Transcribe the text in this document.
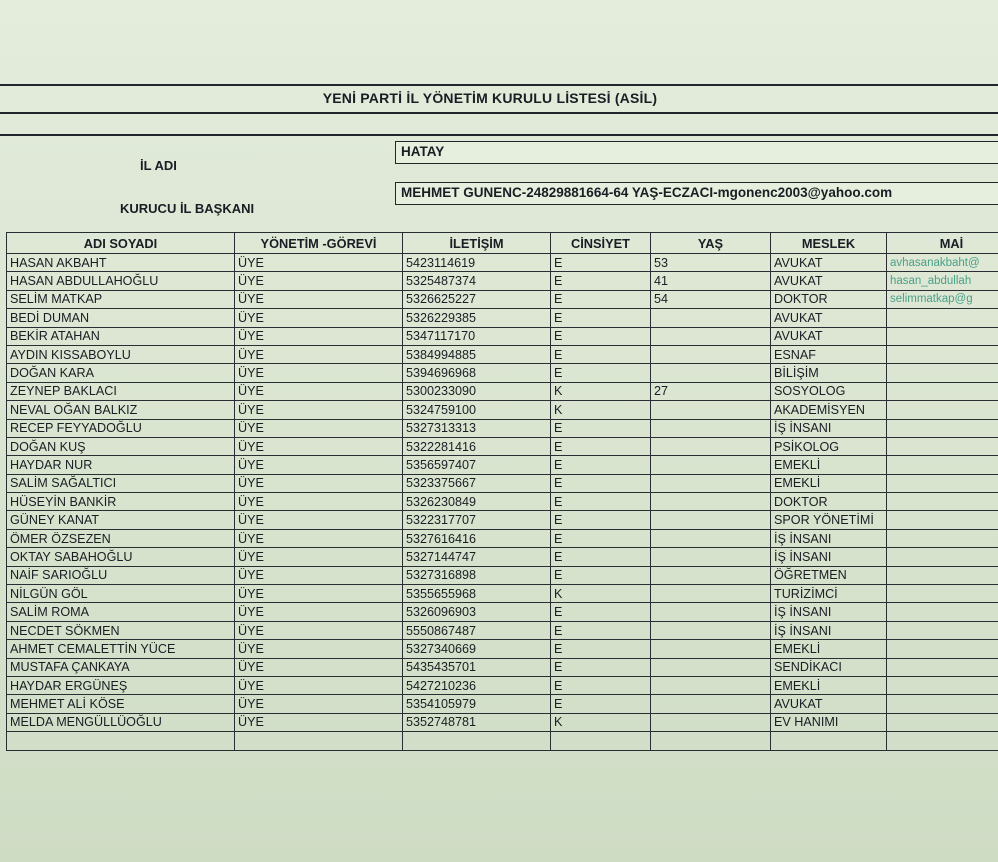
YENİ PARTİ İL YÖNETİM KURULU LİSTESİ (ASİL)
İL ADI
HATAY
KURUCU İL BAŞKANI
MEHMET GUNENC-24829881664-64 YAŞ-ECZACI-mgonenc2003@yahoo.com
ADI SOYADI	YÖNETİM -GÖREVİ	İLETİŞİM	CİNSİYET	YAŞ	MESLEK	MAİ
HASAN AKBAHT	ÜYE	5423114619	E	53	AVUKAT	avhasanakbaht@
HASAN ABDULLAHOĞLU	ÜYE	5325487374	E	41	AVUKAT	hasan_abdullah
SELİM MATKAP	ÜYE	5326625227	E	54	DOKTOR	selimmatkap@g
BEDİ DUMAN	ÜYE	5326229385	E		AVUKAT	
BEKİR ATAHAN	ÜYE	5347117170	E		AVUKAT	
AYDIN KISSABOYLU	ÜYE	5384994885	E		ESNAF	
DOĞAN KARA	ÜYE	5394696968	E		BİLİŞİM	
ZEYNEP BAKLACI	ÜYE	5300233090	K	27	SOSYOLOG	
NEVAL OĞAN BALKIZ	ÜYE	5324759100	K		AKADEMİSYEN	
RECEP FEYYADOĞLU	ÜYE	5327313313	E		İŞ İNSANI	
DOĞAN KUŞ	ÜYE	5322281416	E		PSİKOLOG	
HAYDAR NUR	ÜYE	5356597407	E		EMEKLİ	
SALİM SAĞALTICI	ÜYE	5323375667	E		EMEKLİ	
HÜSEYİN BANKİR	ÜYE	5326230849	E		DOKTOR	
GÜNEY KANAT	ÜYE	5322317707	E		SPOR YÖNETİMİ	
ÖMER ÖZSEZEN	ÜYE	5327616416	E		İŞ İNSANI	
OKTAY SABAHOĞLU	ÜYE	5327144747	E		İŞ İNSANI	
NAİF SARIOĞLU	ÜYE	5327316898	E		ÖĞRETMEN	
NİLGÜN GÖL	ÜYE	5355655968	K		TURİZİMCİ	
SALİM ROMA	ÜYE	5326096903	E		İŞ İNSANI	
NECDET SÖKMEN	ÜYE	5550867487	E		İŞ İNSANI	
AHMET CEMALETTİN YÜCE	ÜYE	5327340669	E		EMEKLİ	
MUSTAFA ÇANKAYA	ÜYE	5435435701	E		SENDİKACI	
HAYDAR ERGÜNEŞ	ÜYE	5427210236	E		EMEKLİ	
MEHMET ALİ KÖSE	ÜYE	5354105979	E		AVUKAT	
MELDA MENGÜLLÜOĞLU	ÜYE	5352748781	K		EV HANIMI	
